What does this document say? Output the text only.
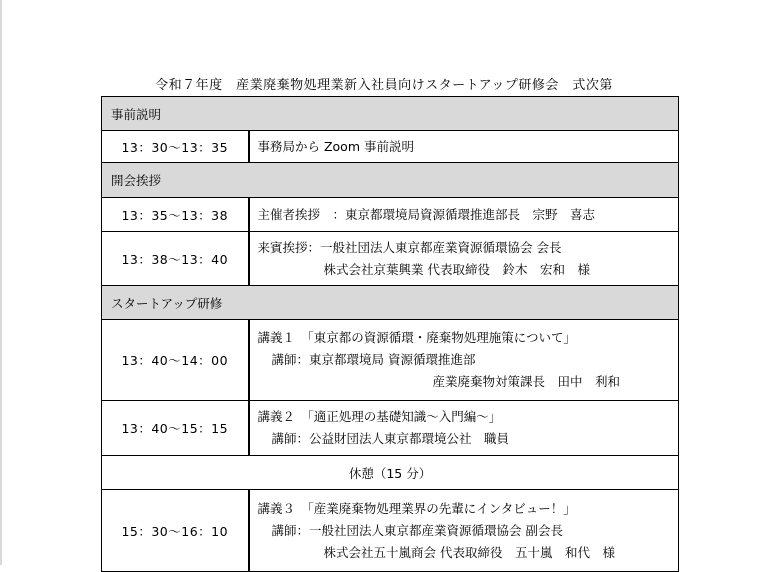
令和７年度　産業廃棄物処理業新入社員向けスタートアップ研修会　式次第
事前説明	
13：30〜13：35	事務局から Zoom 事前説明

開会挨拶	
13：35〜13：38	主催者挨拶　：東京都環境局資源循環推進部長　宗野　喜志

13：38〜13：40	来賓挨拶：一般社団法人東京都産業資源循環協会 会長
株式会社京葉興業 代表取締役　鈴木　宏和　様

スタートアップ研修	
13：40〜14：00	講義１　「東京都の資源循環・廃棄物処理施策について」
講師：東京都環境局 資源循環推進部
産業廃棄物対策課長　田中　利和

13：40〜15：15	講義２　「適正処理の基礎知識〜入門編〜」
講師：公益財団法人東京都環境公社　職員

休憩（15 分）	
15：30〜16：10	講義３　「産業廃棄物処理業界の先輩にインタビュー！」
講師：一般社団法人東京都産業資源循環協会 副会長
株式会社五十嵐商会 代表取締役　五十嵐　和代　様
